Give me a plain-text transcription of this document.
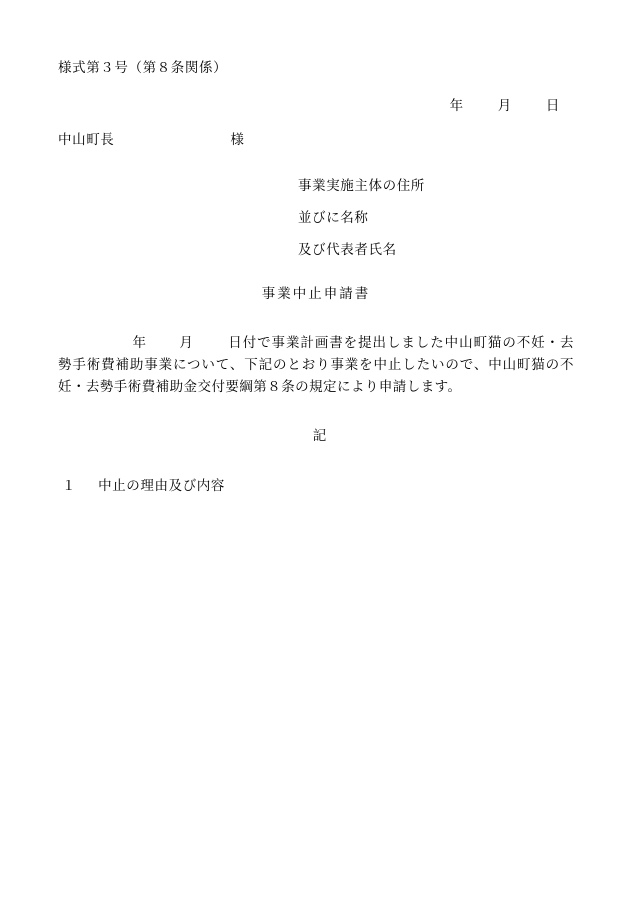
様式第３号（第８条関係）
年	月	日
中山町長	様
事業実施主体の住所
並びに名称
及び代表者氏名
事業中止申請書
年 月	日付で事業計画書を提出しました中山町猫の不妊・去勢手術費補助事業について、下記のとおり事業を中止したいので、中山町猫の不妊・去勢手術費補助金交付要綱第８条の規定により申請します。
記
１ 中止の理由及び内容
